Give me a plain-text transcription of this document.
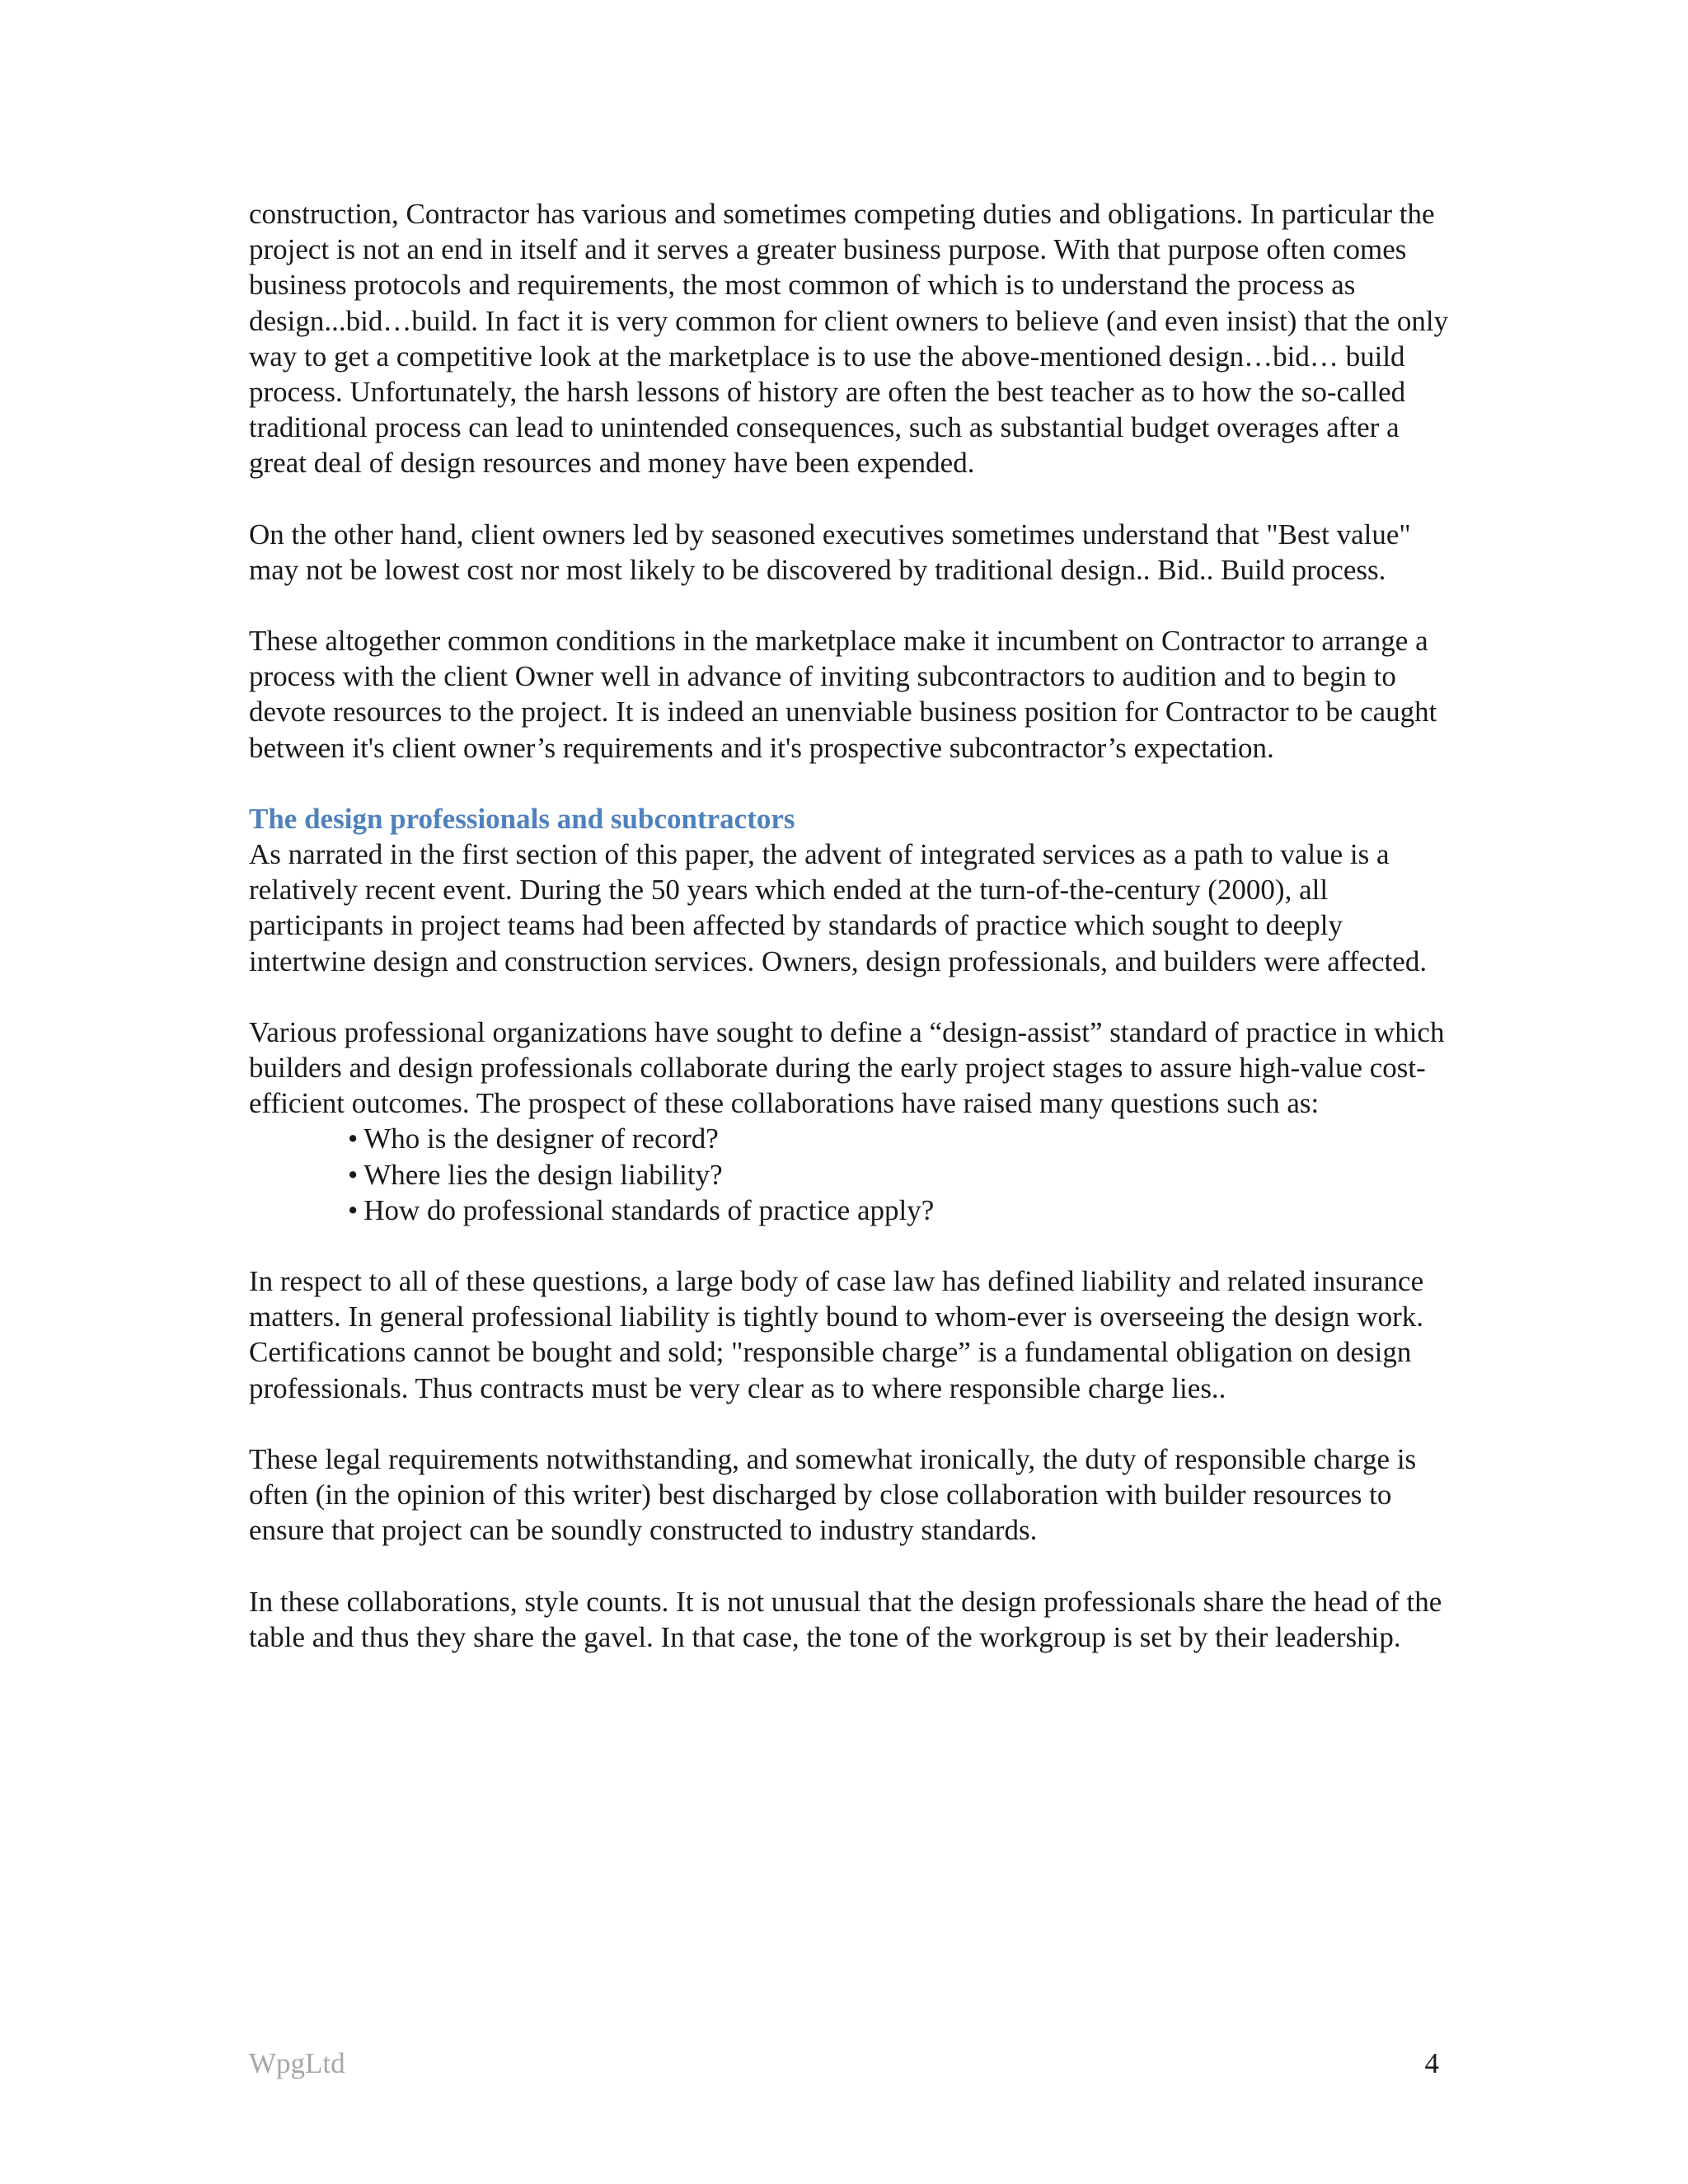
construction, Contractor has various and sometimes competing duties and obligations. In particular the project is not an end in itself and it serves a greater business purpose. With that purpose often comes business protocols and requirements, the most common of which is to understand the process as design...bid…build. In fact it is very common for client owners to believe (and even insist) that the only way to get a competitive look at the marketplace is to use the above-mentioned design…bid… build process. Unfortunately, the harsh lessons of history are often the best teacher as to how the so-called traditional process can lead to unintended consequences, such as substantial budget overages after a great deal of design resources and money have been expended.

On the other hand, client owners led by seasoned executives sometimes understand that "Best value" may not be lowest cost nor most likely to be discovered by traditional design.. Bid.. Build process.

These altogether common conditions in the marketplace make it incumbent on Contractor to arrange a process with the client Owner well in advance of inviting subcontractors to audition and to begin to devote resources to the project. It is indeed an unenviable business position for Contractor to be caught between it's client owner’s requirements and it's prospective subcontractor’s expectation.

The design professionals and subcontractors

As narrated in the first section of this paper, the advent of integrated services as a path to value is a relatively recent event. During the 50 years which ended at the turn-of-the-century (2000), all participants in project teams had been affected by standards of practice which sought to deeply intertwine design and construction services. Owners, design professionals, and builders were affected.

Various professional organizations have sought to define a “design-assist” standard of practice in which builders and design professionals collaborate during the early project stages to assure high-value cost-efficient outcomes. The prospect of these collaborations have raised many questions such as:

• Who is the designer of record?
• Where lies the design liability?
• How do professional standards of practice apply?

In respect to all of these questions, a large body of case law has defined liability and related insurance matters. In general professional liability is tightly bound to whom-ever is overseeing the design work. Certifications cannot be bought and sold; "responsible charge” is a fundamental obligation on design professionals. Thus contracts must be very clear as to where responsible charge lies..

These legal requirements notwithstanding, and somewhat ironically, the duty of responsible charge is often (in the opinion of this writer) best discharged by close collaboration with builder resources to ensure that project can be soundly constructed to industry standards.

In these collaborations, style counts. It is not unusual that the design professionals share the head of the table and thus they share the gavel. In that case, the tone of the workgroup is set by their leadership.

WpgLtd	4
